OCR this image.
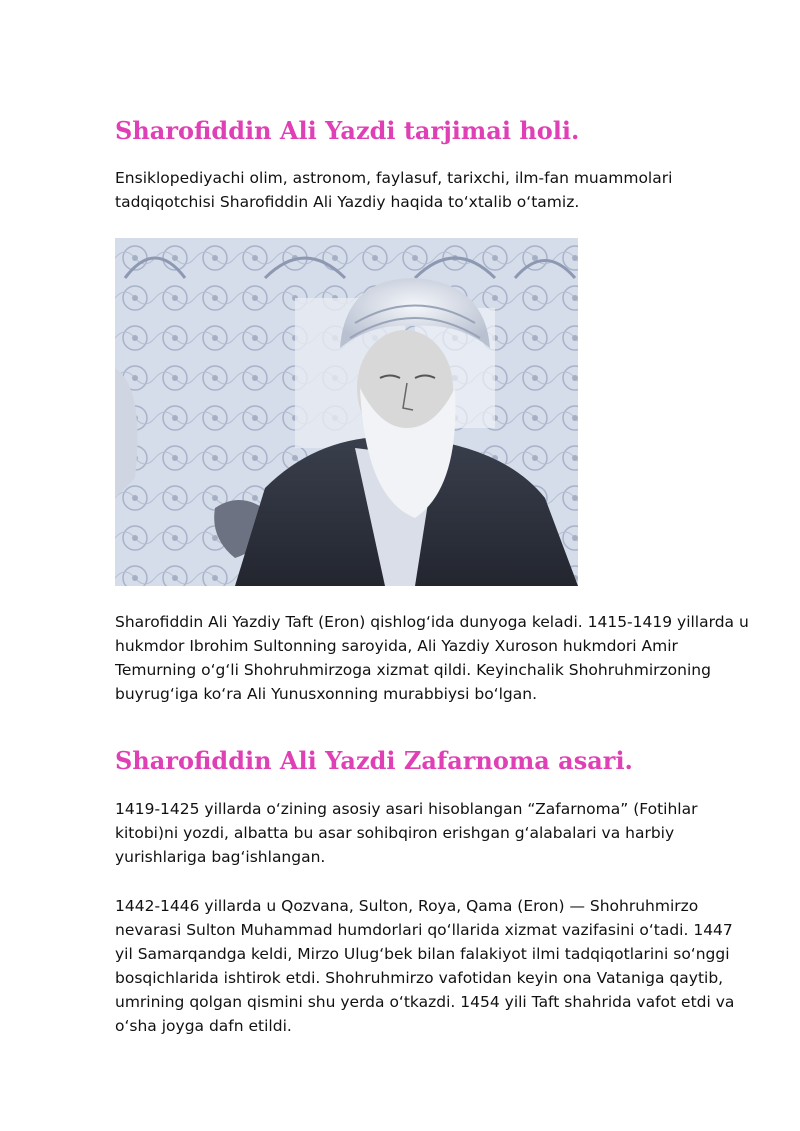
Sharofiddin Ali Yazdi tarjimai holi.

Ensiklopediyachi olim, astronom, faylasuf, tarixchi, ilm-fan muammolari tadqiqotchisi Sharofiddin Ali Yazdiy haqida to‘xtalib o‘tamiz.

Sharofiddin Ali Yazdiy Taft (Eron) qishlog‘ida dunyoga keladi. 1415-1419 yillarda u hukmdor Ibrohim Sultonning saroyida, Ali Yazdiy Xuroson hukmdori Amir Temurning o‘g‘li Shohruhmirzoga xizmat qildi. Keyinchalik Shohruhmirzoning buyrug‘iga ko‘ra Ali Yunusxonning murabbiysi bo‘lgan.

Sharofiddin Ali Yazdi Zafarnoma asari.

1419-1425 yillarda o‘zining asosiy asari hisoblangan “Zafarnoma” (Fotihlar kitobi)ni yozdi, albatta bu asar sohibqiron erishgan g‘alabalari va harbiy yurishlariga bag‘ishlangan.

1442-1446 yillarda u Qozvana, Sulton, Roya, Qama (Eron) — Shohruhmirzo nevarasi Sulton Muhammad humdorlari qo‘llarida xizmat vazifasini o‘tadi. 1447 yil Samarqandga keldi, Mirzo Ulug‘bek bilan falakiyot ilmi tadqiqotlarini so‘nggi bosqichlarida ishtirok etdi. Shohruhmirzo vafotidan keyin ona Vataniga qaytib, umrining qolgan qismini shu yerda o‘tkazdi. 1454 yili Taft shahrida vafot etdi va o‘sha joyga dafn etildi.
